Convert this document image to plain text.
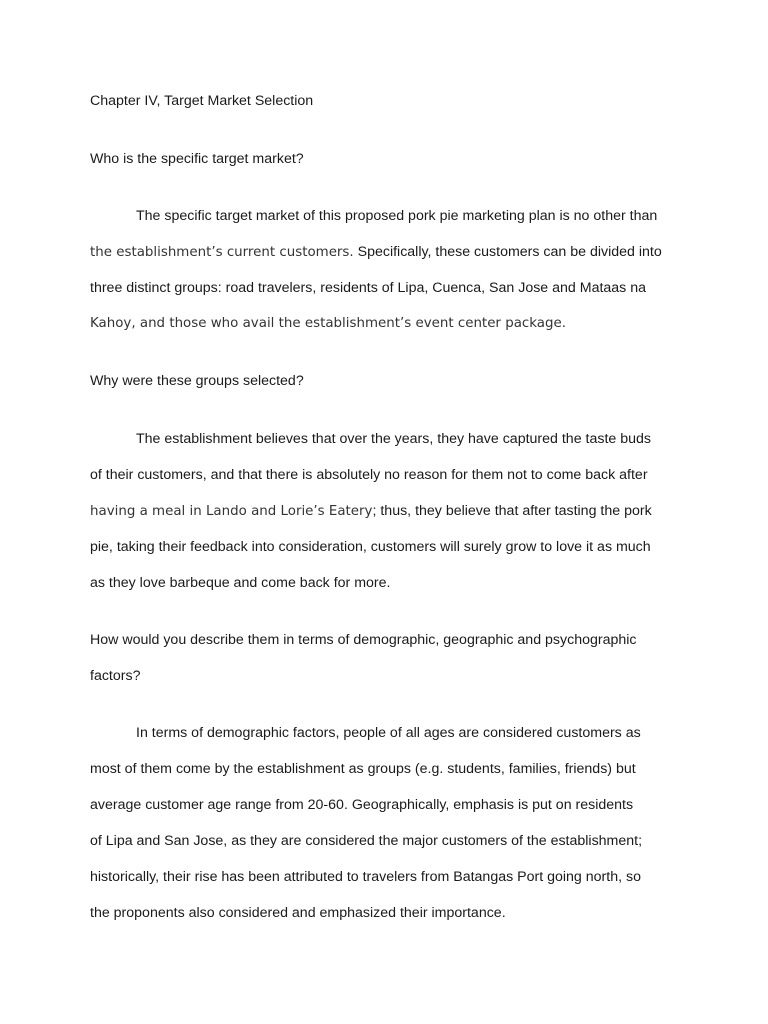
Chapter IV, Target Market Selection

Who is the specific target market?

The specific target market of this proposed pork pie marketing plan is no other than

the establishment’s current customers. Specifically, these customers can be divided into

three distinct groups: road travelers, residents of Lipa, Cuenca, San Jose and Mataas na

Kahoy, and those who avail the establishment’s event center package.

Why were these groups selected?

The establishment believes that over the years, they have captured the taste buds

of their customers, and that there is absolutely no reason for them not to come back after

having a meal in Lando and Lorie’s Eatery; thus, they believe that after tasting the pork

pie, taking their feedback into consideration, customers will surely grow to love it as much

as they love barbeque and come back for more.

How would you describe them in terms of demographic, geographic and psychographic

factors?

In terms of demographic factors, people of all ages are considered customers as

most of them come by the establishment as groups (e.g. students, families, friends) but

average customer age range from 20-60. Geographically, emphasis is put on residents

of Lipa and San Jose, as they are considered the major customers of the establishment;

historically, their rise has been attributed to travelers from Batangas Port going north, so

the proponents also considered and emphasized their importance.
